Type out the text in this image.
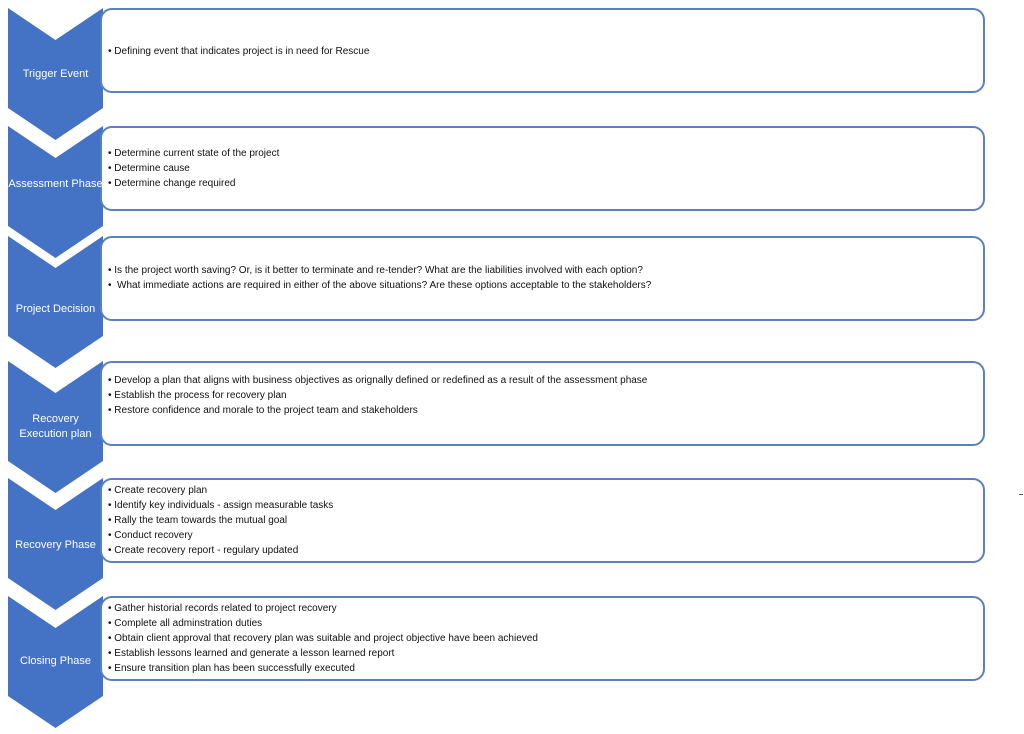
Trigger Event
• Defining event that indicates project is in need for Rescue
Assessment Phase
• Determine current state of the project
• Determine cause
• Determine change required
Project Decision
• Is the project worth saving? Or, is it better to terminate and re-tender? What are the liabilities involved with each option?
•  What immediate actions are required in either of the above situations? Are these options acceptable to the stakeholders?
Recovery Execution plan
• Develop a plan that aligns with business objectives as orignally defined or redefined as a result of the assessment phase
• Establish the process for recovery plan
• Restore confidence and morale to the project team and stakeholders
Recovery Phase
• Create recovery plan
• Identify key individuals - assign measurable tasks
• Rally the team towards the mutual goal
• Conduct recovery
• Create recovery report - regulary updated
Closing Phase
• Gather historial records related to project recovery
• Complete all adminstration duties
• Obtain client approval that recovery plan was suitable and project objective have been achieved
• Establish lessons learned and generate a lesson learned report
• Ensure transition plan has been successfully executed
